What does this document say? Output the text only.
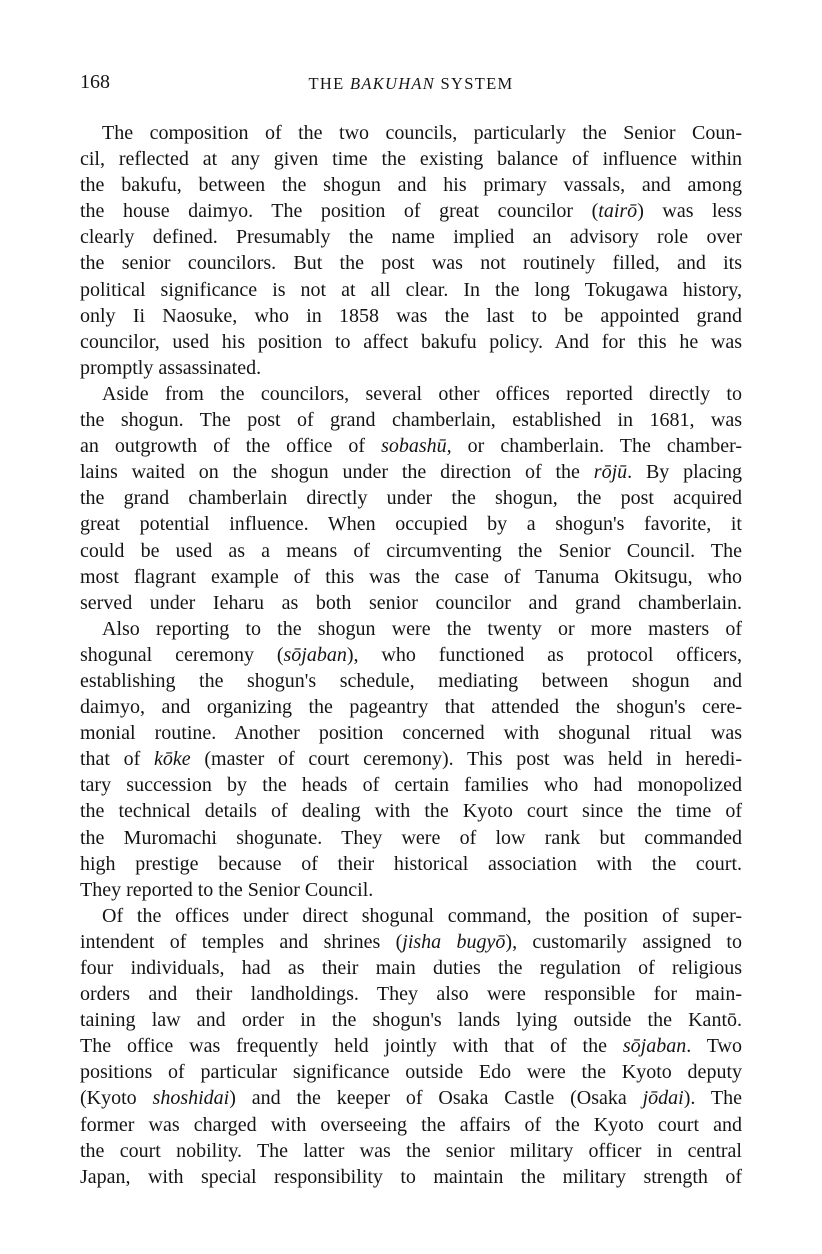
168	THE BAKUHAN SYSTEM
The composition of the two councils, particularly the Senior Coun-
cil, reflected at any given time the existing balance of influence within
the bakufu, between the shogun and his primary vassals, and among
the house daimyo. The position of great councilor (tairō) was less
clearly defined. Presumably the name implied an advisory role over
the senior councilors. But the post was not routinely filled, and its
political significance is not at all clear. In the long Tokugawa history,
only Ii Naosuke, who in 1858 was the last to be appointed grand
councilor, used his position to affect bakufu policy. And for this he was
promptly assassinated.
Aside from the councilors, several other offices reported directly to
the shogun. The post of grand chamberlain, established in 1681, was
an outgrowth of the office of sobashū, or chamberlain. The chamber-
lains waited on the shogun under the direction of the rōjū. By placing
the grand chamberlain directly under the shogun, the post acquired
great potential influence. When occupied by a shogun's favorite, it
could be used as a means of circumventing the Senior Council. The
most flagrant example of this was the case of Tanuma Okitsugu, who
served under Ieharu as both senior councilor and grand chamberlain.
Also reporting to the shogun were the twenty or more masters of
shogunal ceremony (sōjaban), who functioned as protocol officers,
establishing the shogun's schedule, mediating between shogun and
daimyo, and organizing the pageantry that attended the shogun's cere-
monial routine. Another position concerned with shogunal ritual was
that of kōke (master of court ceremony). This post was held in heredi-
tary succession by the heads of certain families who had monopolized
the technical details of dealing with the Kyoto court since the time of
the Muromachi shogunate. They were of low rank but commanded
high prestige because of their historical association with the court.
They reported to the Senior Council.
Of the offices under direct shogunal command, the position of super-
intendent of temples and shrines (jisha bugyō), customarily assigned to
four individuals, had as their main duties the regulation of religious
orders and their landholdings. They also were responsible for main-
taining law and order in the shogun's lands lying outside the Kantō.
The office was frequently held jointly with that of the sōjaban. Two
positions of particular significance outside Edo were the Kyoto deputy
(Kyoto shoshidai) and the keeper of Osaka Castle (Osaka jōdai). The
former was charged with overseeing the affairs of the Kyoto court and
the court nobility. The latter was the senior military officer in central
Japan, with special responsibility to maintain the military strength of
